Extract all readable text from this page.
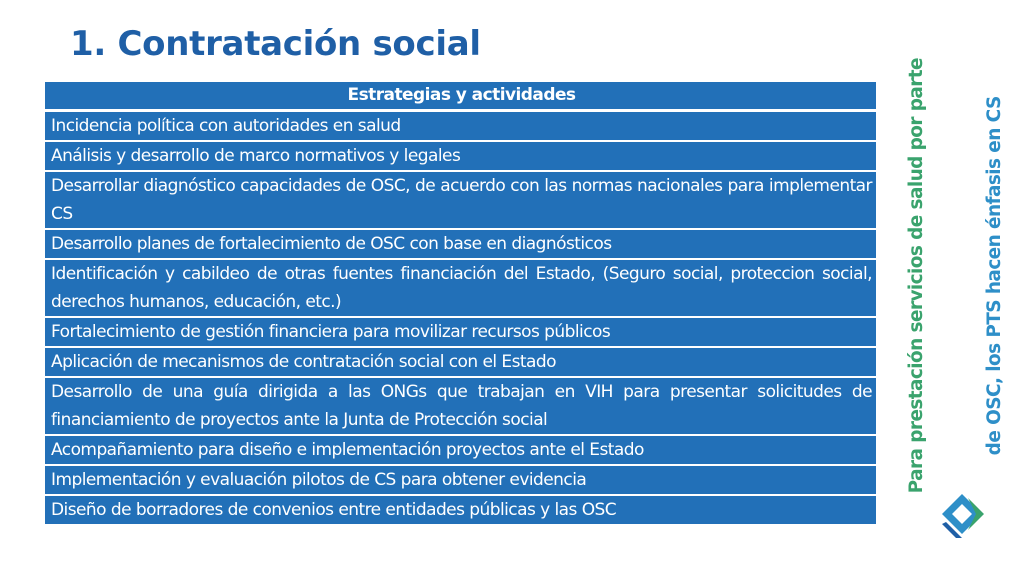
1. Contratación social
Estrategias y actividades
Incidencia política con autoridades en salud
Análisis y desarrollo de marco normativos y legales
Desarrollar diagnóstico capacidades de OSC, de acuerdo con las normas nacionales para implementar CS
Desarrollo planes de fortalecimiento de OSC con base en diagnósticos
Identificación y cabildeo de otras fuentes financiación del Estado, (Seguro social, proteccion social, derechos humanos, educación, etc.)
Fortalecimiento de gestión financiera para movilizar recursos públicos
Aplicación de mecanismos de contratación social con el Estado
Desarrollo de una guía dirigida a las ONGs que trabajan en VIH para presentar solicitudes de financiamiento de proyectos ante la Junta de Protección social
Acompañamiento para diseño e implementación proyectos ante el Estado
Implementación y evaluación pilotos de CS para obtener evidencia
Diseño de borradores de convenios entre entidades públicas y las OSC

Para prestación servicios de salud por parte

	de OSC, los PTS hacen énfasis en CS
